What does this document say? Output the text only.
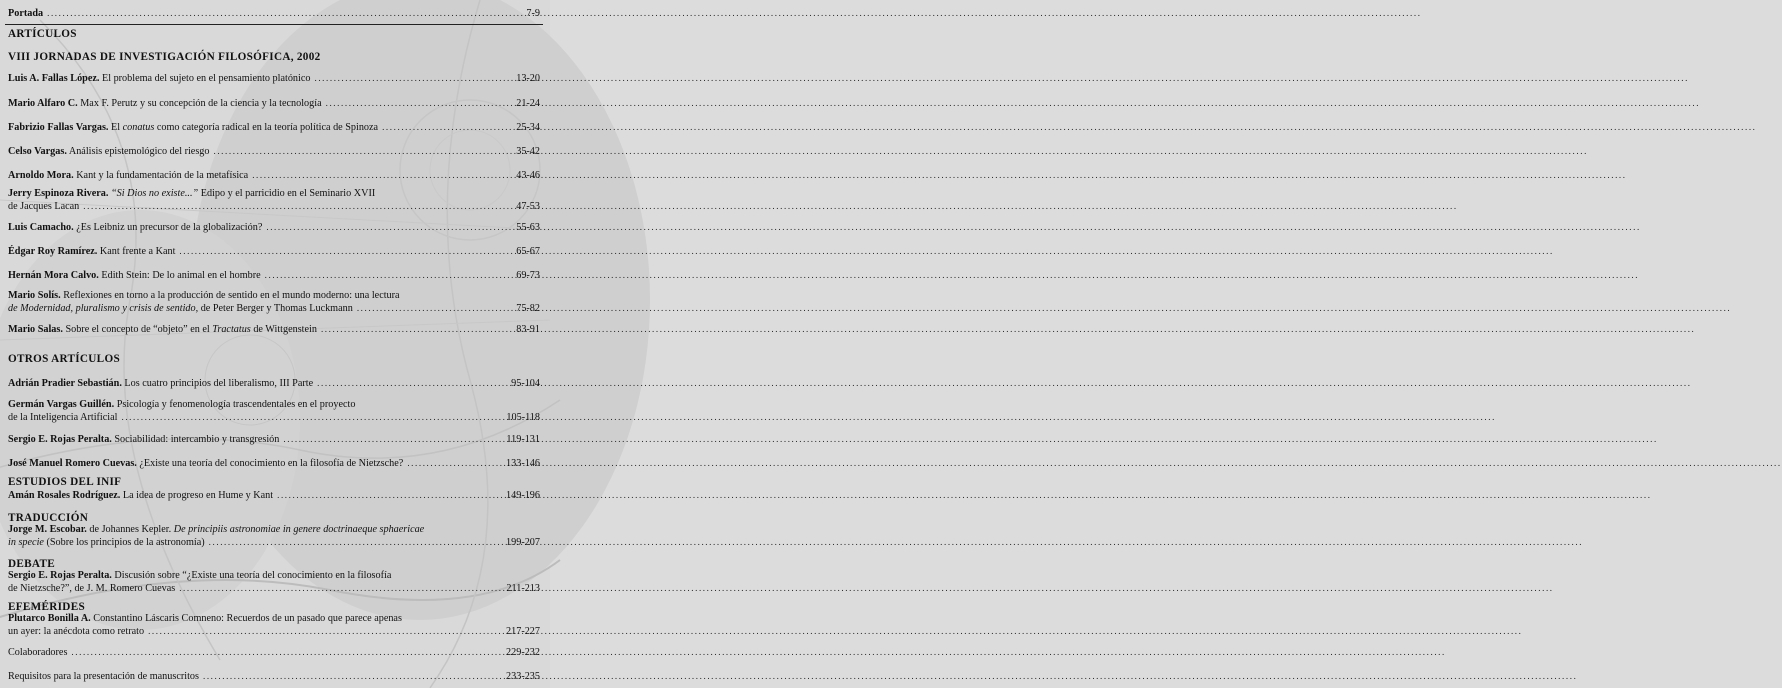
Portada .....	7-9
ARTÍCULOS
VIII JORNADAS DE INVESTIGACIÓN FILOSÓFICA, 2002
Luis A. Fallas López. El problema del sujeto en el pensamiento platónico .....	13-20
Mario Alfaro C. Max F. Perutz y su concepción de la ciencia y la tecnología .....	21-24
Fabrizio Fallas Vargas. El conatus como categoría radical en la teoría política de Spinoza .....	25-34
Celso Vargas. Análisis epistemológico del riesgo .....	35-42
Arnoldo Mora. Kant y la fundamentación de la metafísica .....	43-46
Jerry Espinoza Rivera. “Si Dios no existe...” Edipo y el parricidio en el Seminario XVII
de Jacques Lacan .....	47-53
Luis Camacho. ¿Es Leibniz un precursor de la globalización? .....	55-63
Édgar Roy Ramírez. Kant frente a Kant .....	65-67
Hernán Mora Calvo. Edith Stein: De lo animal en el hombre .....	69-73
Mario Solís. Reflexiones en torno a la producción de sentido en el mundo moderno: una lectura
de Modernidad, pluralismo y crisis de sentido, de Peter Berger y Thomas Luckmann .....	75-82
Mario Salas. Sobre el concepto de “objeto” en el Tractatus de Wittgenstein .....	83-91
OTROS ARTÍCULOS
Adrián Pradier Sebastián. Los cuatro principios del liberalismo, III Parte .....	95-104
Germán Vargas Guillén. Psicología y fenomenología trascendentales en el proyecto
de la Inteligencia Artificial .....	105-118
Sergio E. Rojas Peralta. Sociabilidad: intercambio y transgresión .....	119-131
José Manuel Romero Cuevas. ¿Existe una teoría del conocimiento en la filosofía de Nietzsche? .....	133-146
ESTUDIOS DEL INIF
Amán Rosales Rodríguez. La idea de progreso en Hume y Kant .....	149-196
TRADUCCIÓN
Jorge M. Escobar. de Johannes Kepler. De principiis astronomiae in genere doctrinaeque sphaericae
in specie (Sobre los principios de la astronomía) .....	199-207
DEBATE
Sergio E. Rojas Peralta. Discusión sobre “¿Existe una teoría del conocimiento en la filosofía
de Nietzsche?”, de J. M. Romero Cuevas .....	211-213
EFEMÉRIDES
Plutarco Bonilla A. Constantino Láscaris Comneno: Recuerdos de un pasado que parece apenas
un ayer: la anécdota como retrato .....	217-227
Colaboradores .....	229-232
Requisitos para la presentación de manuscritos .....	233-235
